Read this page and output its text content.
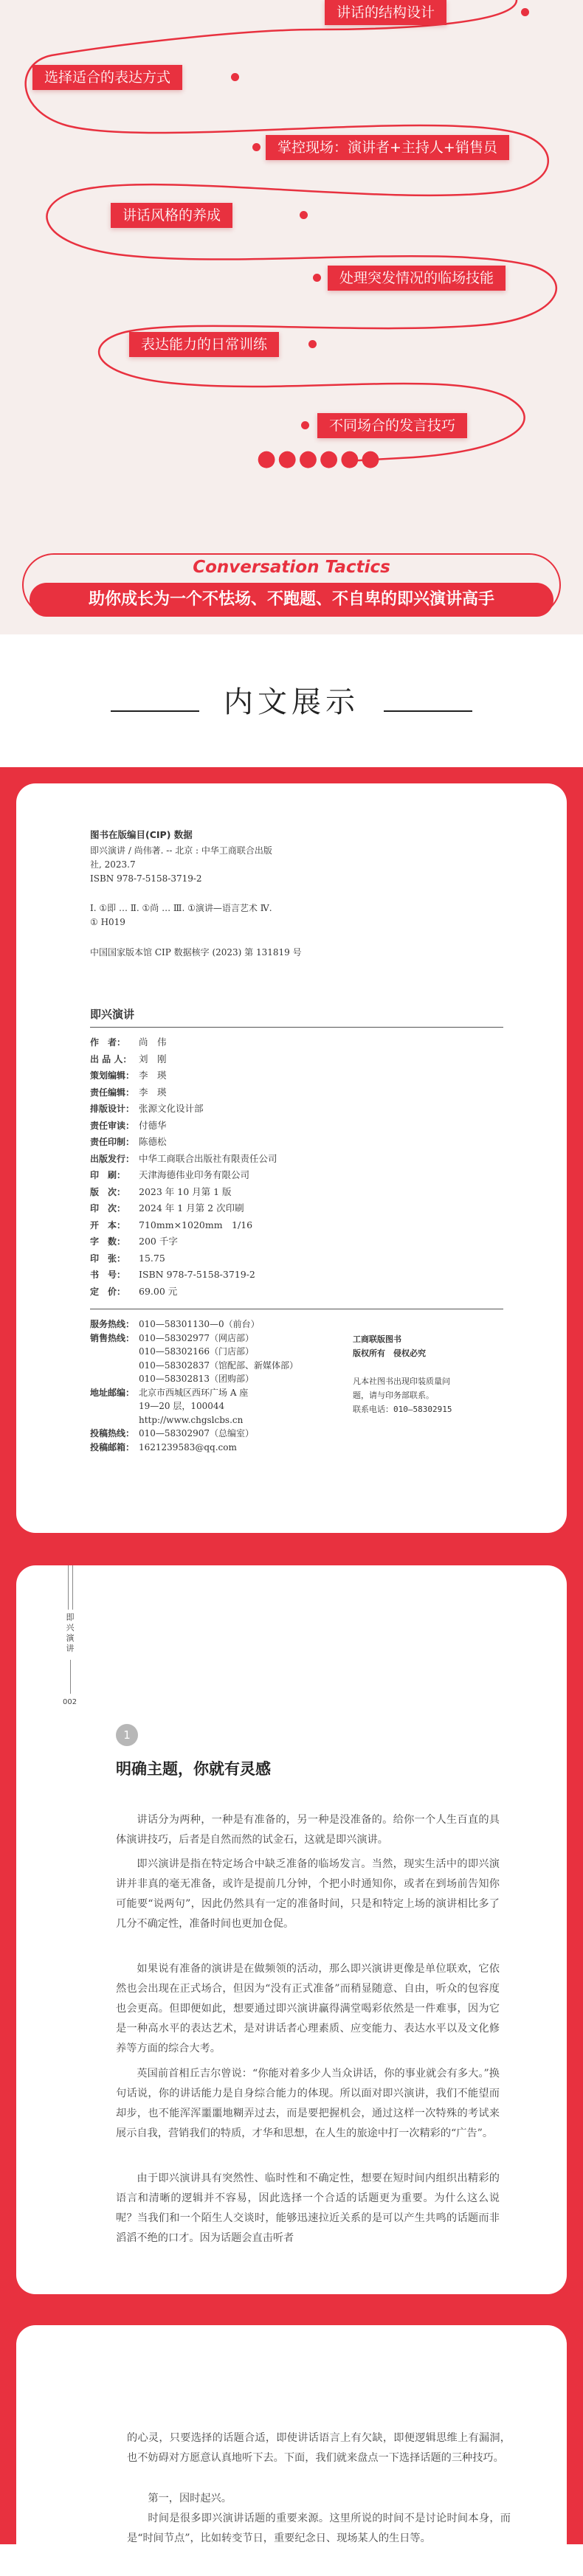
讲话的结构设计
选择适合的表达方式
掌控现场：演讲者+主持人+销售员
讲话风格的养成
处理突发情况的临场技能
表达能力的日常训练
不同场合的发言技巧
●●●●●●
Conversation Tactics
助你成长为一个不怯场、不跑题、不自卑的即兴演讲高手
内文展示
图书在版编目(CIP) 数据
即兴演讲 / 尚伟著. -- 北京 : 中华工商联合出版
社, 2023.7
ISBN 978-7-5158-3719-2
Ⅰ. ①即 … Ⅱ. ①尚 … Ⅲ. ①演讲—语言艺术 Ⅳ.
① H019
中国国家版本馆 CIP 数据核字 (2023) 第 131819 号
即兴演讲
作　者：	尚　伟
出 品 人： 刘　刚
策划编辑： 李　瑛
责任编辑： 李　瑛
排版设计： 张源文化设计部
责任审读： 付德华
责任印制： 陈德松
出版发行： 中华工商联合出版社有限责任公司
印　刷：	天津海德伟业印务有限公司
版　次：	2023 年 10 月第 1 版
印　次：	2024 年 1 月第 2 次印刷
开　本：	710mm×1020mm　1/16
字　数：	200 千字
印　张：	15.75
书　号：	ISBN 978-7-5158-3719-2
定　价：	69.00 元
服务热线： 010—58301130—0（前台）
销售热线： 010—58302977（网店部）
010—58302166（门店部）
010—58302837（馆配部、新媒体部）
010—58302813（团购部）
地址邮编： 北京市西城区西环广场 A 座
19—20 层，100044
http://www.chgslcbs.cn
投稿热线： 010—58302907（总编室）
投稿邮箱： 1621239583@qq.com
工商联版图书
版权所有　侵权必究

凡本社图书出现印装质量问
题，请与印务部联系。
联系电话：010—58302915
即兴演讲
002
1
明确主题，你就有灵感
讲话分为两种，一种是有准备的，另一种是没准备的。给你一个人生百直的具体演讲技巧，后者是自然而然的试金石，这就是即兴演讲。
即兴演讲是指在特定场合中缺乏准备的临场发言。当然，现实生活中的即兴演讲并非真的毫无准备，或许是提前几分钟，个把小时通知你，或者在到场前告知你可能要“说两句”，因此仍然具有一定的准备时间，只是和特定上场的演讲相比多了几分不确定性，准备时间也更加仓促。
如果说有准备的演讲是在做频领的活动，那么即兴演讲更像是单位联欢，它依然也会出现在正式场合，但因为“没有正式准备”而稍显随意、自由，听众的包容度也会更高。但即便如此，想要通过即兴演讲赢得满堂喝彩依然是一件难事，因为它是一种高水平的表达艺术，是对讲话者心理素质、应变能力、表达水平以及文化修养等方面的综合大考。
英国前首相丘吉尔曾说：“你能对着多少人当众讲话，你的事业就会有多大。”换句话说，你的讲话能力是自身综合能力的体现。所以面对即兴演讲，我们不能望而却步，也不能浑浑噩噩地糊弄过去，而是要把握机会，通过这样一次特殊的考试来展示自我，营销我们的特质，才华和思想，在人生的旅途中打一次精彩的“广告”。
由于即兴演讲具有突然性、临时性和不确定性，想要在短时间内组织出精彩的语言和清晰的逻辑并不容易，因此选择一个合适的话题更为重要。为什么这么说呢？当我们和一个陌生人交谈时，能够迅速拉近关系的是可以产生共鸣的话题而非滔滔不绝的口才。因为话题会直击听者
的心灵，只要选择的话题合适，即使讲话语言上有欠缺，即便逻辑思维上有漏洞，也不妨碍对方愿意认真地听下去。下面，我们就来盘点一下选择话题的三种技巧。
第一，因时起兴。
时间是很多即兴演讲话题的重要来源。这里所说的时间不是讨论时间本身，而是“时间节点”，比如转变节日，重要纪念日、现场某人的生日等。
